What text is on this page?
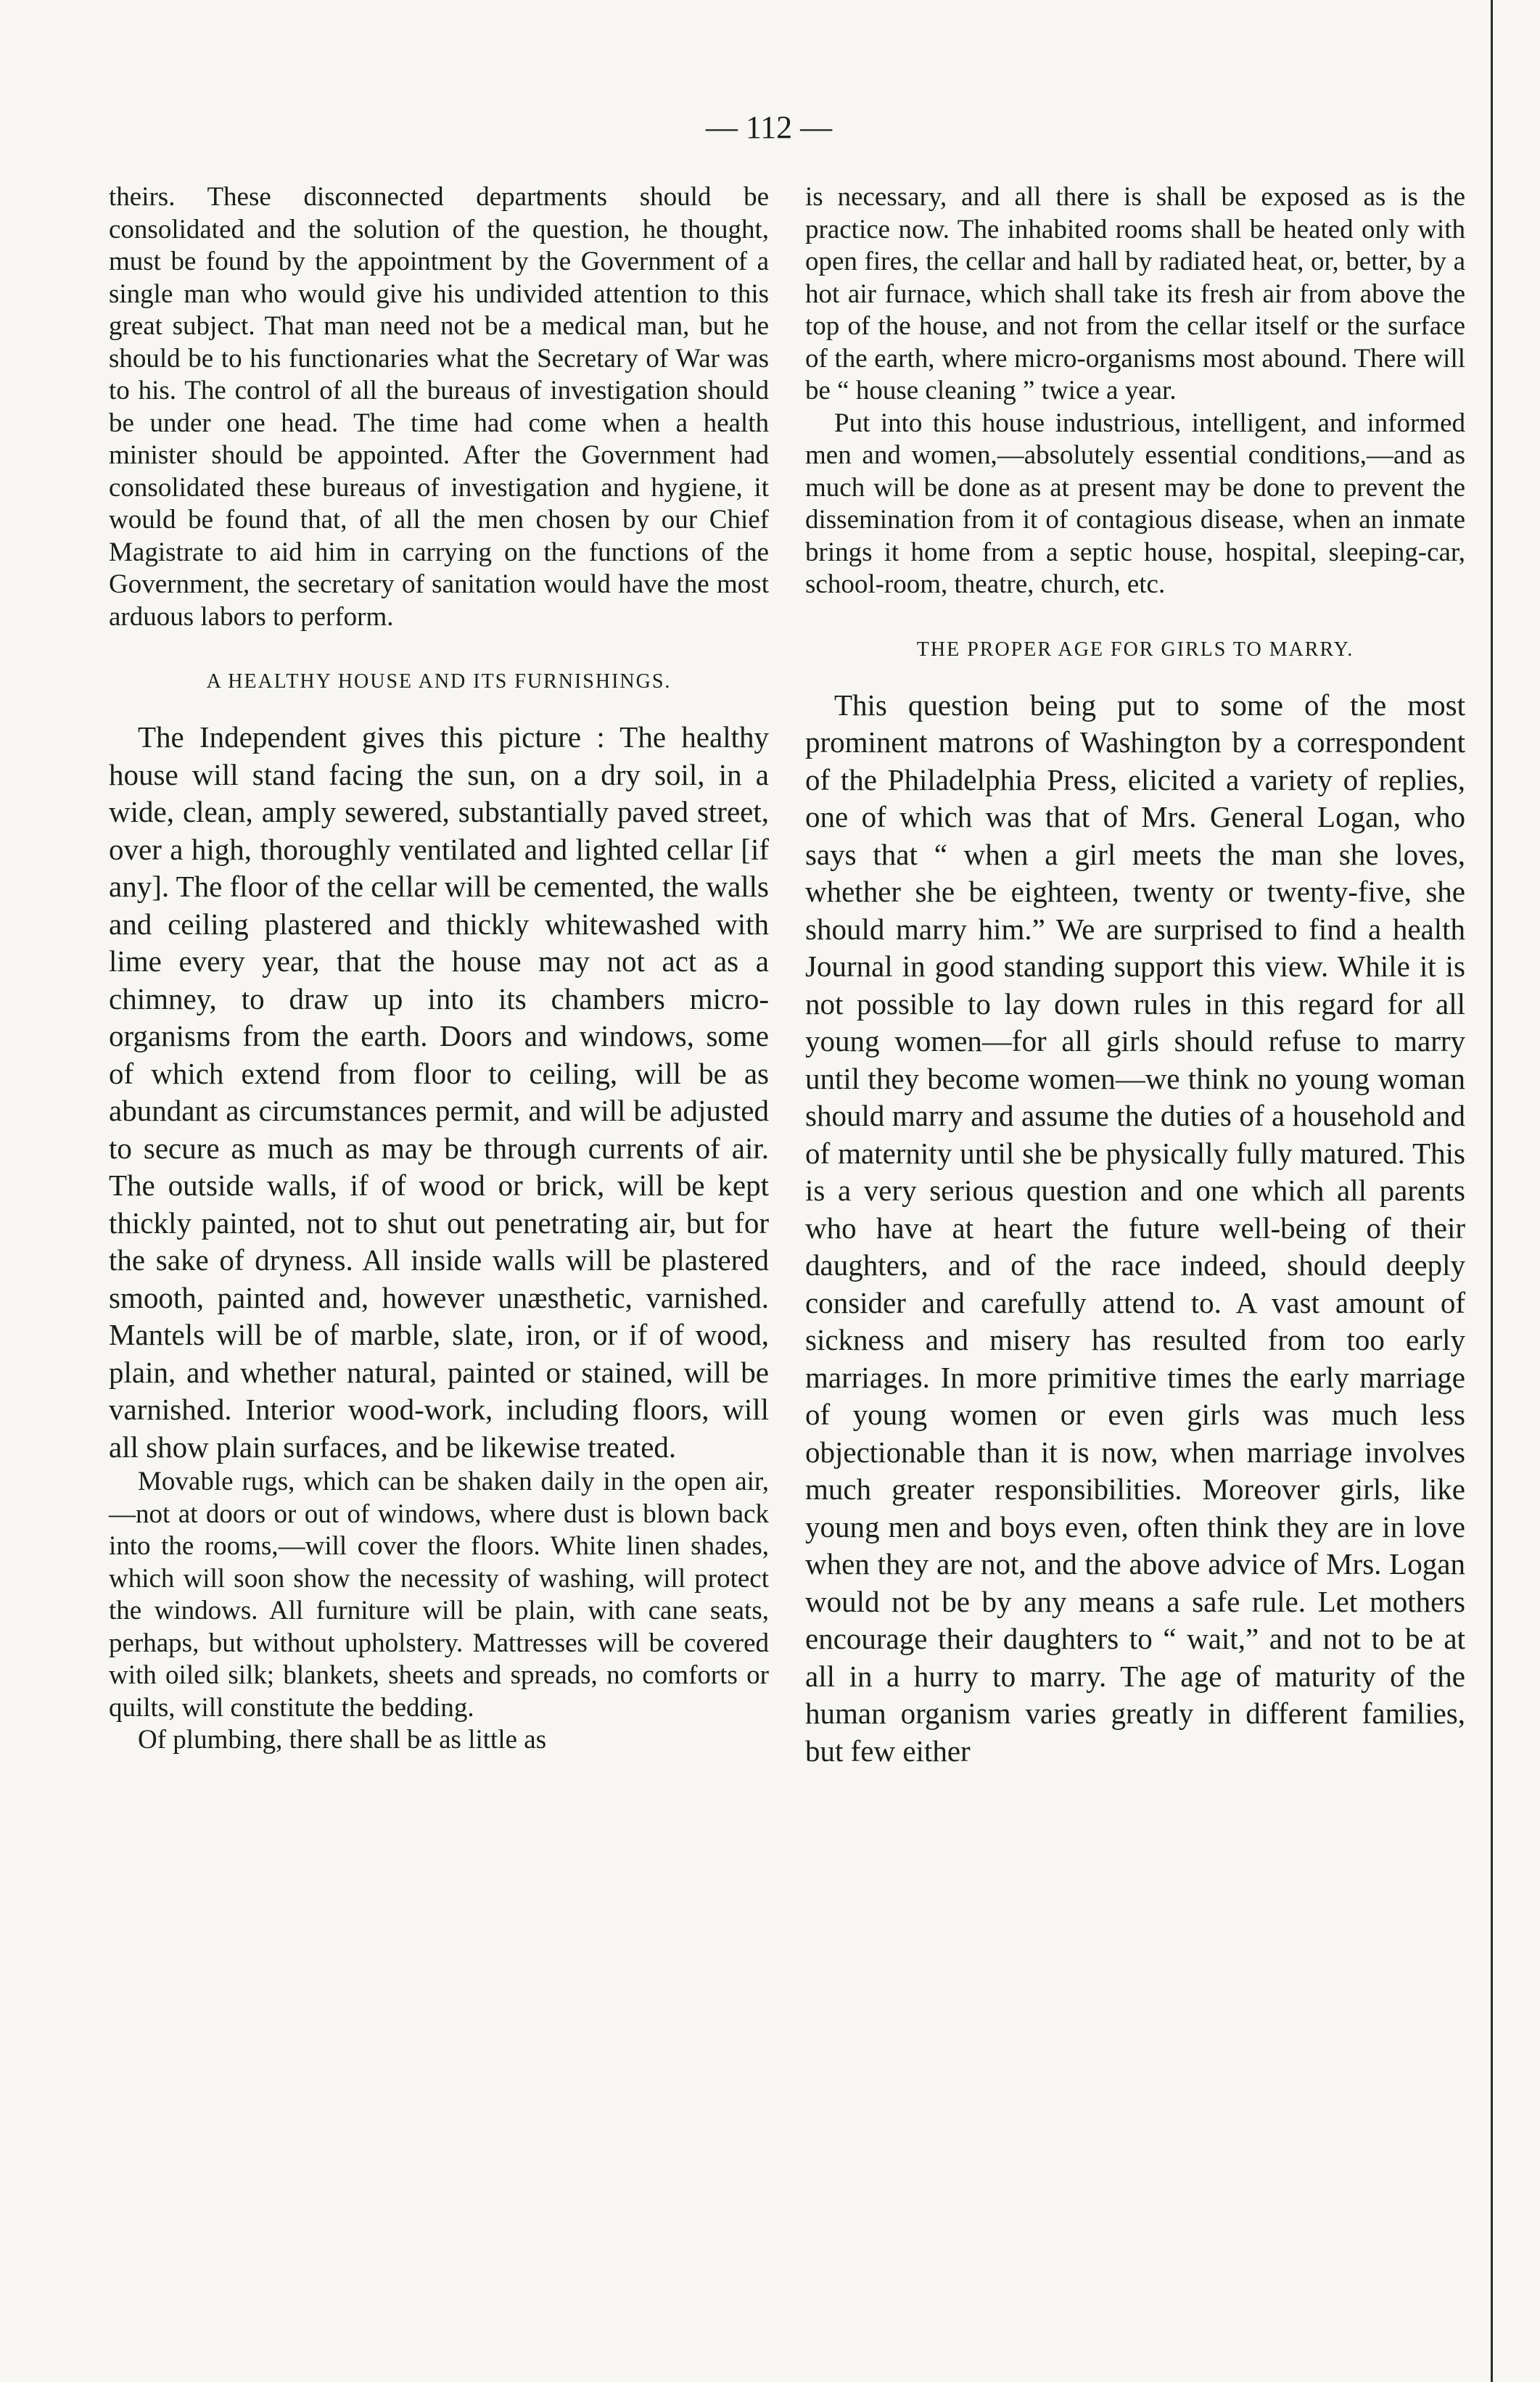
— 112 —

theirs. These disconnected departments should be consolidated and the solution of the question, he thought, must be found by the appointment by the Government of a single man who would give his undivided attention to this great subject. That man need not be a medical man, but he should be to his functionaries what the Secretary of War was to his. The control of all the bureaus of investigation should be under one head. The time had come when a health minister should be appointed. After the Government had consolidated these bureaus of investigation and hygiene, it would be found that, of all the men chosen by our Chief Magistrate to aid him in carrying on the functions of the Government, the secretary of sanitation would have the most arduous labors to perform.

A HEALTHY HOUSE AND ITS FURNISHINGS.

The Independent gives this picture : The healthy house will stand facing the sun, on a dry soil, in a wide, clean, amply sewered, substantially paved street, over a high, thoroughly ventilated and lighted cellar [if any]. The floor of the cellar will be cemented, the walls and ceiling plastered and thickly whitewashed with lime every year, that the house may not act as a chimney, to draw up into its chambers micro-organisms from the earth. Doors and windows, some of which extend from floor to ceiling, will be as abundant as circumstances permit, and will be adjusted to secure as much as may be through currents of air. The outside walls, if of wood or brick, will be kept thickly painted, not to shut out penetrating air, but for the sake of dryness. All inside walls will be plastered smooth, painted and, however unæsthetic, varnished. Mantels will be of marble, slate, iron, or if of wood, plain, and whether natural, painted or stained, will be varnished. Interior wood-work, including floors, will all show plain surfaces, and be likewise treated.

Movable rugs, which can be shaken daily in the open air,—not at doors or out of windows, where dust is blown back into the rooms,—will cover the floors. White linen shades, which will soon show the necessity of washing, will protect the windows. All furniture will be plain, with cane seats, perhaps, but without upholstery. Mattresses will be covered with oiled silk; blankets, sheets and spreads, no comforts or quilts, will constitute the bedding.

Of plumbing, there shall be as little as

is necessary, and all there is shall be exposed as is the practice now. The inhabited rooms shall be heated only with open fires, the cellar and hall by radiated heat, or, better, by a hot air furnace, which shall take its fresh air from above the top of the house, and not from the cellar itself or the surface of the earth, where micro-organisms most abound. There will be “ house cleaning ” twice a year.

Put into this house industrious, intelligent, and informed men and women,—absolutely essential conditions,—and as much will be done as at present may be done to prevent the dissemination from it of contagious disease, when an inmate brings it home from a septic house, hospital, sleeping-car, school-room, theatre, church, etc.

THE PROPER AGE FOR GIRLS TO MARRY.

This question being put to some of the most prominent matrons of Washington by a correspondent of the Philadelphia Press, elicited a variety of replies, one of which was that of Mrs. General Logan, who says that “ when a girl meets the man she loves, whether she be eighteen, twenty or twenty-five, she should marry him.” We are surprised to find a health Journal in good standing support this view. While it is not possible to lay down rules in this regard for all young women—for all girls should refuse to marry until they become women—we think no young woman should marry and assume the duties of a household and of maternity until she be physically fully matured. This is a very serious question and one which all parents who have at heart the future well-being of their daughters, and of the race indeed, should deeply consider and carefully attend to. A vast amount of sickness and misery has resulted from too early marriages. In more primitive times the early marriage of young women or even girls was much less objectionable than it is now, when marriage involves much greater responsibilities. Moreover girls, like young men and boys even, often think they are in love when they are not, and the above advice of Mrs. Logan would not be by any means a safe rule. Let mothers encourage their daughters to “ wait,” and not to be at all in a hurry to marry. The age of maturity of the human organism varies greatly in different families, but few either
